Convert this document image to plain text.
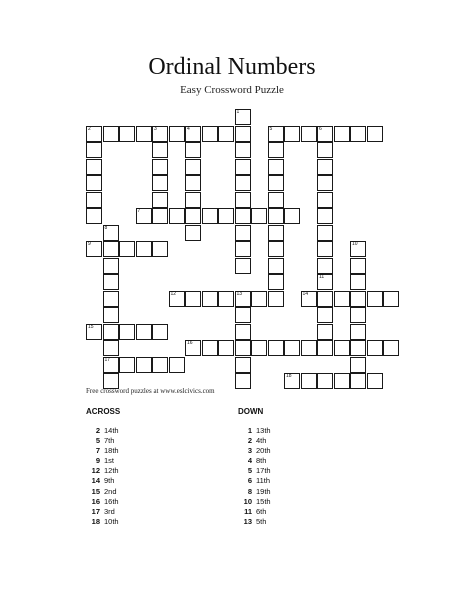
Ordinal Numbers
Easy Crossword Puzzle
2	3	4	5	6
7
9
12	13	14
15
16
17
18
1
8
10
11
Free crossword puzzles at www.eslcivics.com
ACROSS	DOWN
2 14th
5 7th
7 18th
9 1st
12 12th
14 9th
15 2nd
16 16th
17 3rd
18 10th
1 13th
2 4th
3 20th
4 8th
5 17th
6 11th
8 19th
10 15th
11 6th
13 5th
